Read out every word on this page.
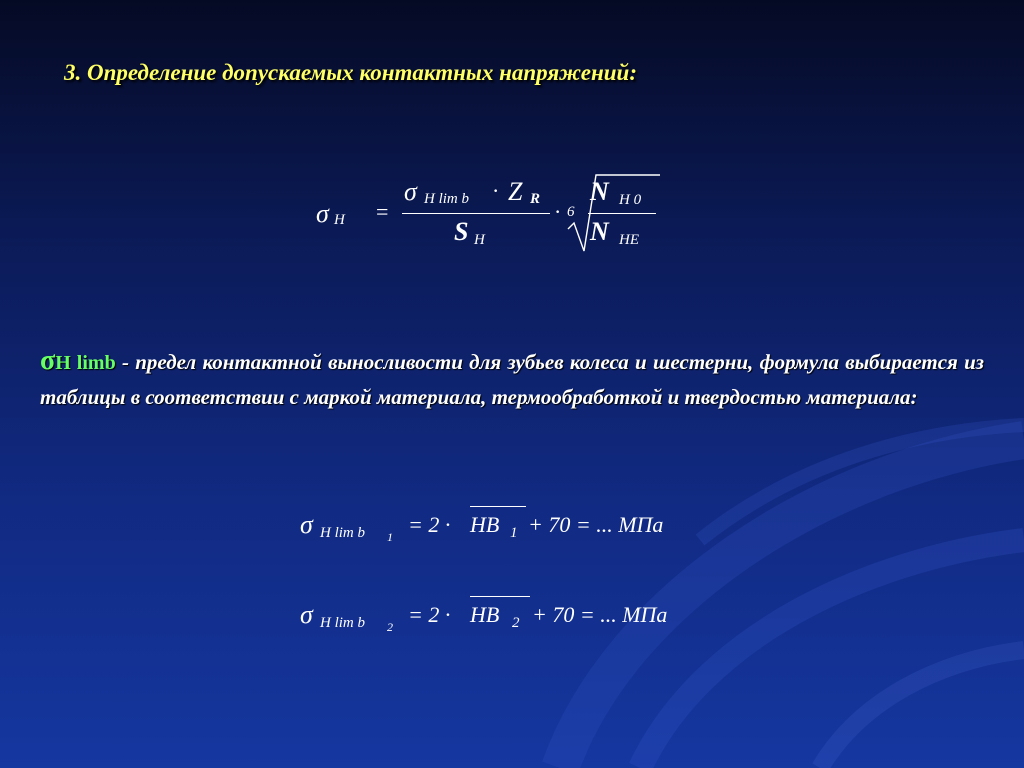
3. Определение допускаемых контактных напряжений:
σ H =
σ H lim b · Z R
S H
· 6
N H 0
N HE
σH limb - предел контактной выносливости для зубьев колеса и шестерни, формула выбирается из таблицы в соответствии с маркой материала, термообработкой и твердостью материала:
σ H lim b 1 = 2 · HB 1 + 70 = ... МПа
σ H lim b 2 = 2 · HB 2 + 70 = ... МПа
